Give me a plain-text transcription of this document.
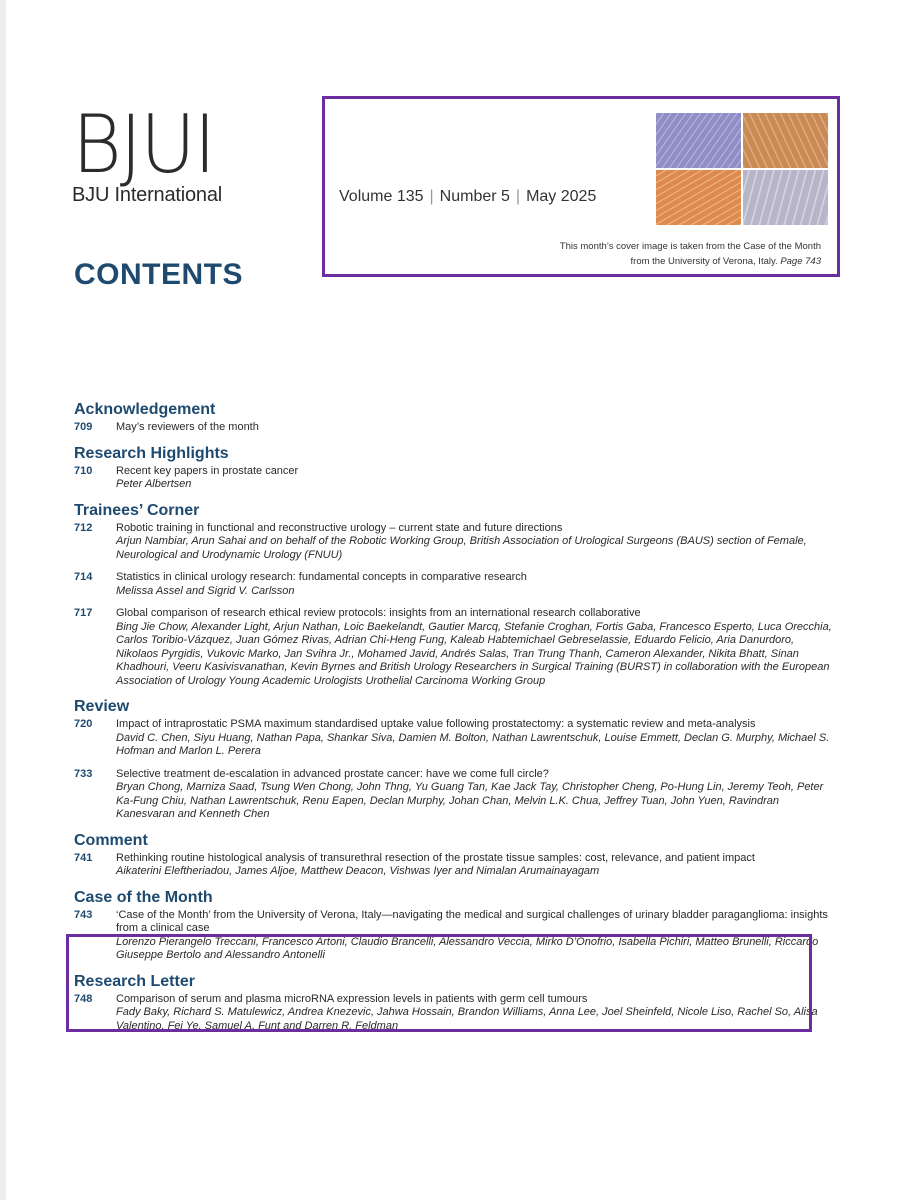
BJUI
BJU International
CONTENTS
Volume 135 | Number 5 | May 2025
This month’s cover image is taken from the Case of the Month
from the University of Verona, Italy. Page 743
Acknowledgement
709	May’s reviewers of the month
Research Highlights
710	Recent key papers in prostate cancer
Peter Albertsen
Trainees’ Corner
712	Robotic training in functional and reconstructive urology – current state and future directions
Arjun Nambiar, Arun Sahai and on behalf of the Robotic Working Group, British Association of Urological Surgeons (BAUS) section of Female, Neurological and Urodynamic Urology (FNUU)
714	Statistics in clinical urology research: fundamental concepts in comparative research
Melissa Assel and Sigrid V. Carlsson
717	Global comparison of research ethical review protocols: insights from an international research collaborative
Bing Jie Chow, Alexander Light, Arjun Nathan, Loic Baekelandt, Gautier Marcq, Stefanie Croghan, Fortis Gaba, Francesco Esperto, Luca Orecchia, Carlos Toribio-Vázquez, Juan Gómez Rivas, Adrian Chi-Heng Fung, Kaleab Habtemichael Gebreselassie, Eduardo Felicio, Aria Danurdoro, Nikolaos Pyrgidis, Vukovic Marko, Jan Svihra Jr., Mohamed Javid, Andrés Salas, Tran Trung Thanh, Cameron Alexander, Nikita Bhatt, Sinan Khadhouri, Veeru Kasivisvanathan, Kevin Byrnes and British Urology Researchers in Surgical Training (BURST) in collaboration with the European Association of Urology Young Academic Urologists Urothelial Carcinoma Working Group
Review
720	Impact of intraprostatic PSMA maximum standardised uptake value following prostatectomy: a systematic review and meta-analysis
David C. Chen, Siyu Huang, Nathan Papa, Shankar Siva, Damien M. Bolton, Nathan Lawrentschuk, Louise Emmett, Declan G. Murphy, Michael S. Hofman and Marlon L. Perera
733	Selective treatment de-escalation in advanced prostate cancer: have we come full circle?
Bryan Chong, Marniza Saad, Tsung Wen Chong, John Thng, Yu Guang Tan, Kae Jack Tay, Christopher Cheng, Po-Hung Lin, Jeremy Teoh, Peter Ka-Fung Chiu, Nathan Lawrentschuk, Renu Eapen, Declan Murphy, Johan Chan, Melvin L.K. Chua, Jeffrey Tuan, John Yuen, Ravindran Kanesvaran and Kenneth Chen
Comment
741	Rethinking routine histological analysis of transurethral resection of the prostate tissue samples: cost, relevance, and patient impact
Aikaterini Eleftheriadou, James Aljoe, Matthew Deacon, Vishwas Iyer and Nimalan Arumainayagam
Case of the Month
743	‘Case of the Month’ from the University of Verona, Italy—navigating the medical and surgical challenges of urinary bladder paraganglioma: insights from a clinical case
Lorenzo Pierangelo Treccani, Francesco Artoni, Claudio Brancelli, Alessandro Veccia, Mirko D’Onofrio, Isabella Pichiri, Matteo Brunelli, Riccardo Giuseppe Bertolo and Alessandro Antonelli
Research Letter
748	Comparison of serum and plasma microRNA expression levels in patients with germ cell tumours
Fady Baky, Richard S. Matulewicz, Andrea Knezevic, Jahwa Hossain, Brandon Williams, Anna Lee, Joel Sheinfeld, Nicole Liso, Rachel So, Alisa Valentino, Fei Ye, Samuel A. Funt and Darren R. Feldman
